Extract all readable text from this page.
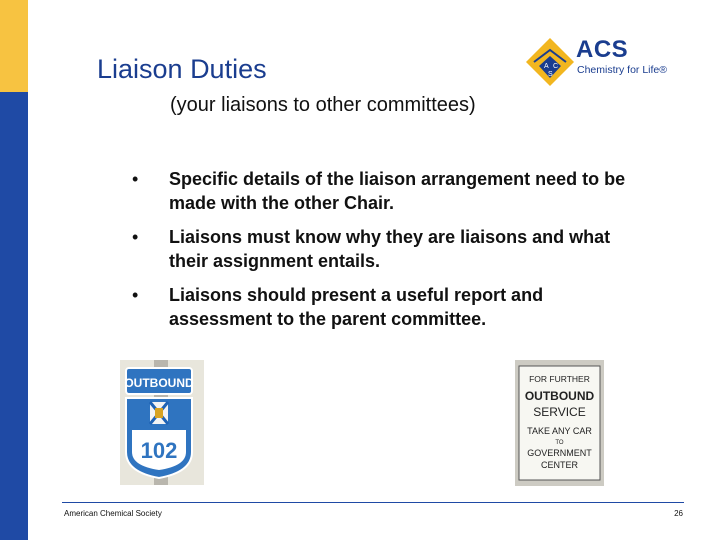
Liaison Duties
(your liaisons to other committees)
A C
S
ACS
Chemistry for Life®
• Specific details of the liaison arrangement need to be made with the other Chair.
• Liaisons must know why they are liaisons and what their assignment entails.
• Liaisons should present a useful report and assessment to the parent committee.
OUTBOUND
102
FOR FURTHER
OUTBOUND
SERVICE
TAKE ANY CAR
TO
GOVERNMENT
CENTER
American Chemical Society	26
